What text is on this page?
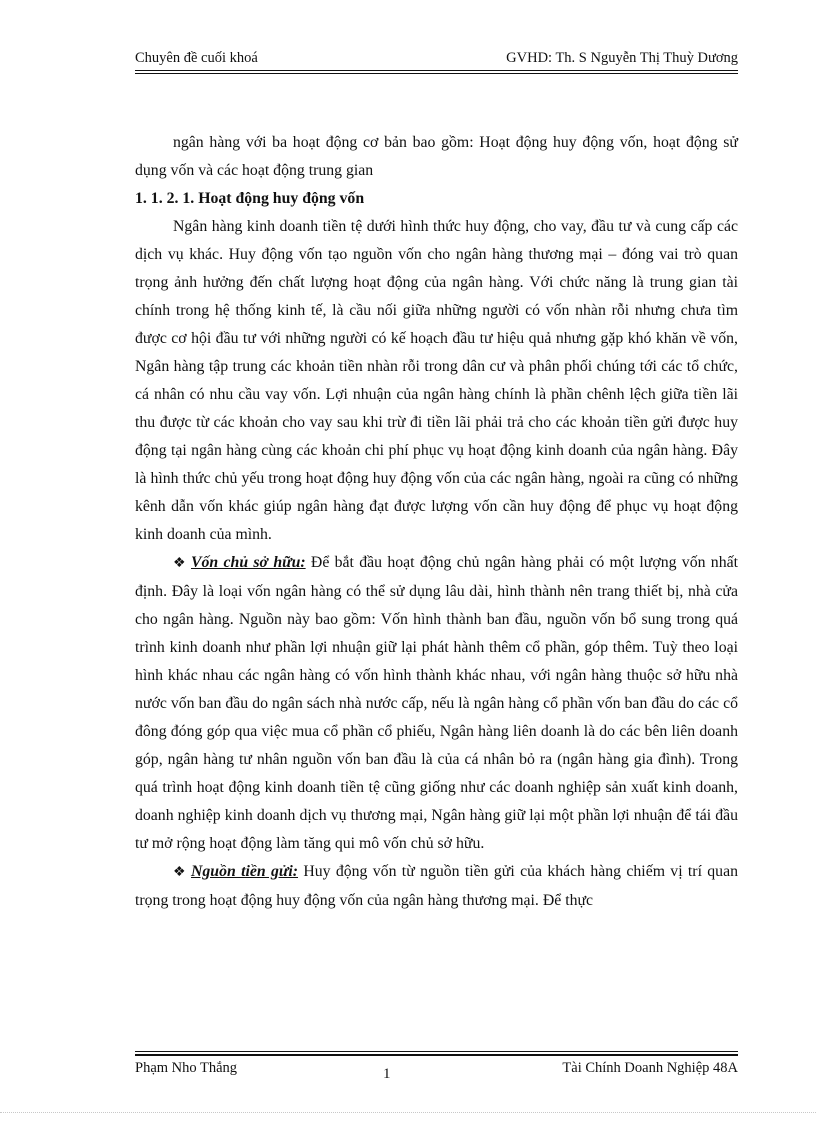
Chuyên đề cuối khoá	GVHD: Th. S Nguyễn Thị Thuỳ Dương

ngân hàng với ba hoạt động cơ bản bao gồm: Hoạt động huy động vốn, hoạt động sử dụng vốn và các hoạt động trung gian

1. 1. 2. 1. Hoạt động huy động vốn

Ngân hàng kinh doanh tiền tệ dưới hình thức huy động, cho vay, đầu tư và cung cấp các dịch vụ khác. Huy động vốn tạo nguồn vốn cho ngân hàng thương mại – đóng vai trò quan trọng ảnh hưởng đến chất lượng hoạt động của ngân hàng. Với chức năng là trung gian tài chính trong hệ thống kinh tế, là cầu nối giữa những người có vốn nhàn rỗi nhưng chưa tìm được cơ hội đầu tư với những người có kế hoạch đầu tư hiệu quả nhưng gặp khó khăn về vốn, Ngân hàng tập trung các khoản tiền nhàn rỗi trong dân cư và phân phối chúng tới các tổ chức, cá nhân có nhu cầu vay vốn. Lợi nhuận của ngân hàng chính là phần chênh lệch giữa tiền lãi thu được từ các khoản cho vay sau khi trừ đi tiền lãi phải trả cho các khoản tiền gửi được huy động tại ngân hàng cùng các khoản chi phí phục vụ hoạt động kinh doanh của ngân hàng. Đây là hình thức chủ yếu trong hoạt động huy động vốn của các ngân hàng, ngoài ra cũng có những kênh dẫn vốn khác giúp ngân hàng đạt được lượng vốn cần huy động để phục vụ hoạt động kinh doanh của mình.

❖ Vốn chủ sở hữu: Để bắt đầu hoạt động chủ ngân hàng phải có một lượng vốn nhất định. Đây là loại vốn ngân hàng có thể sử dụng lâu dài, hình thành nên trang thiết bị, nhà cửa cho ngân hàng. Nguồn này bao gồm: Vốn hình thành ban đầu, nguồn vốn bổ sung trong quá trình kinh doanh như phần lợi nhuận giữ lại phát hành thêm cổ phần, góp thêm. Tuỳ theo loại hình khác nhau các ngân hàng có vốn hình thành khác nhau, với ngân hàng thuộc sở hữu nhà nước vốn ban đầu do ngân sách nhà nước cấp, nếu là ngân hàng cổ phần vốn ban đầu do các cổ đông đóng góp qua việc mua cổ phần cổ phiếu, Ngân hàng liên doanh là do các bên liên doanh góp, ngân hàng tư nhân nguồn vốn ban đầu là của cá nhân bỏ ra (ngân hàng gia đình). Trong quá trình hoạt động kinh doanh tiền tệ cũng giống như các doanh nghiệp sản xuất kinh doanh, doanh nghiệp kinh doanh dịch vụ thương mại, Ngân hàng giữ lại một phần lợi nhuận để tái đầu tư mở rộng hoạt động làm tăng qui mô vốn chủ sở hữu.

❖ Nguồn tiền gửi: Huy động vốn từ nguồn tiền gửi của khách hàng chiếm vị trí quan trọng trong hoạt động huy động vốn của ngân hàng thương mại. Để thực

Phạm Nho Thắng	1	Tài Chính Doanh Nghiệp 48A
